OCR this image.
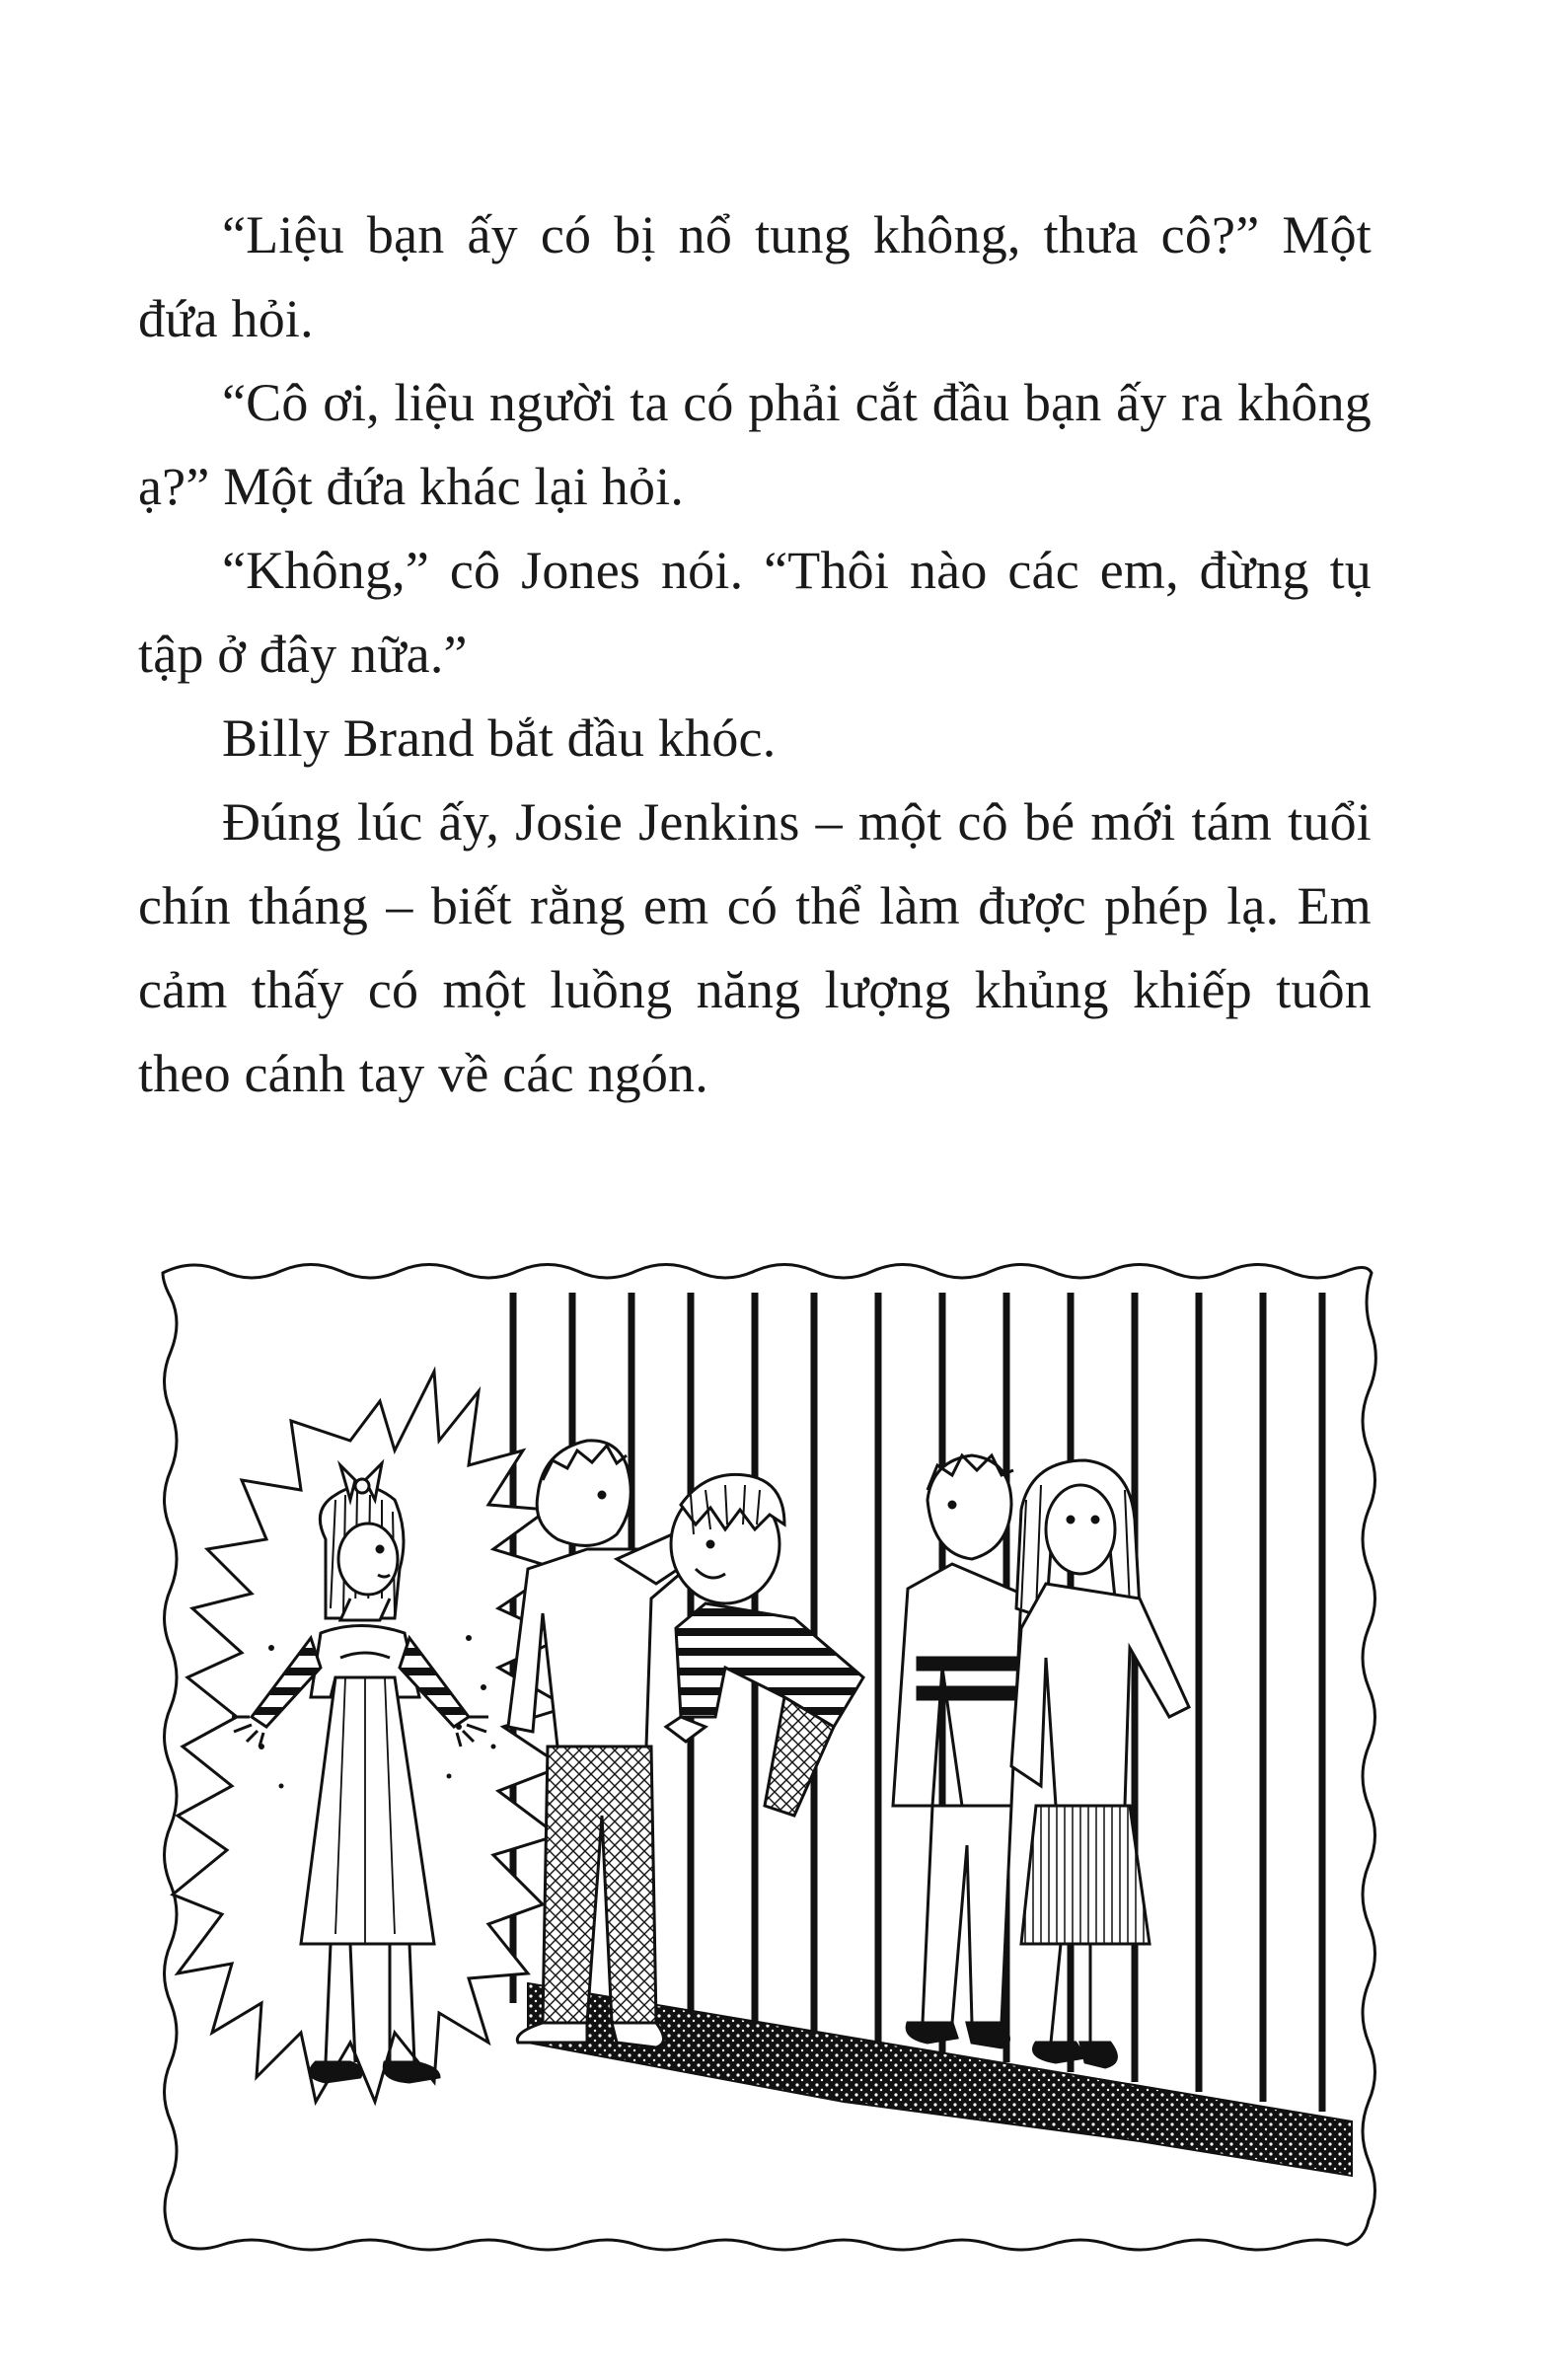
“Liệu bạn ấy có bị nổ tung không, thưa cô?” Một đứa hỏi.

“Cô ơi, liệu người ta có phải cắt đầu bạn ấy ra không ạ?” Một đứa khác lại hỏi.

“Không,” cô Jones nói. “Thôi nào các em, đừng tụ tập ở đây nữa.”

Billy Brand bắt đầu khóc.

Đúng lúc ấy, Josie Jenkins – một cô bé mới tám tuổi chín tháng – biết rằng em có thể làm được phép lạ. Em cảm thấy có một luồng năng lượng khủng khiếp tuôn theo cánh tay về các ngón.
